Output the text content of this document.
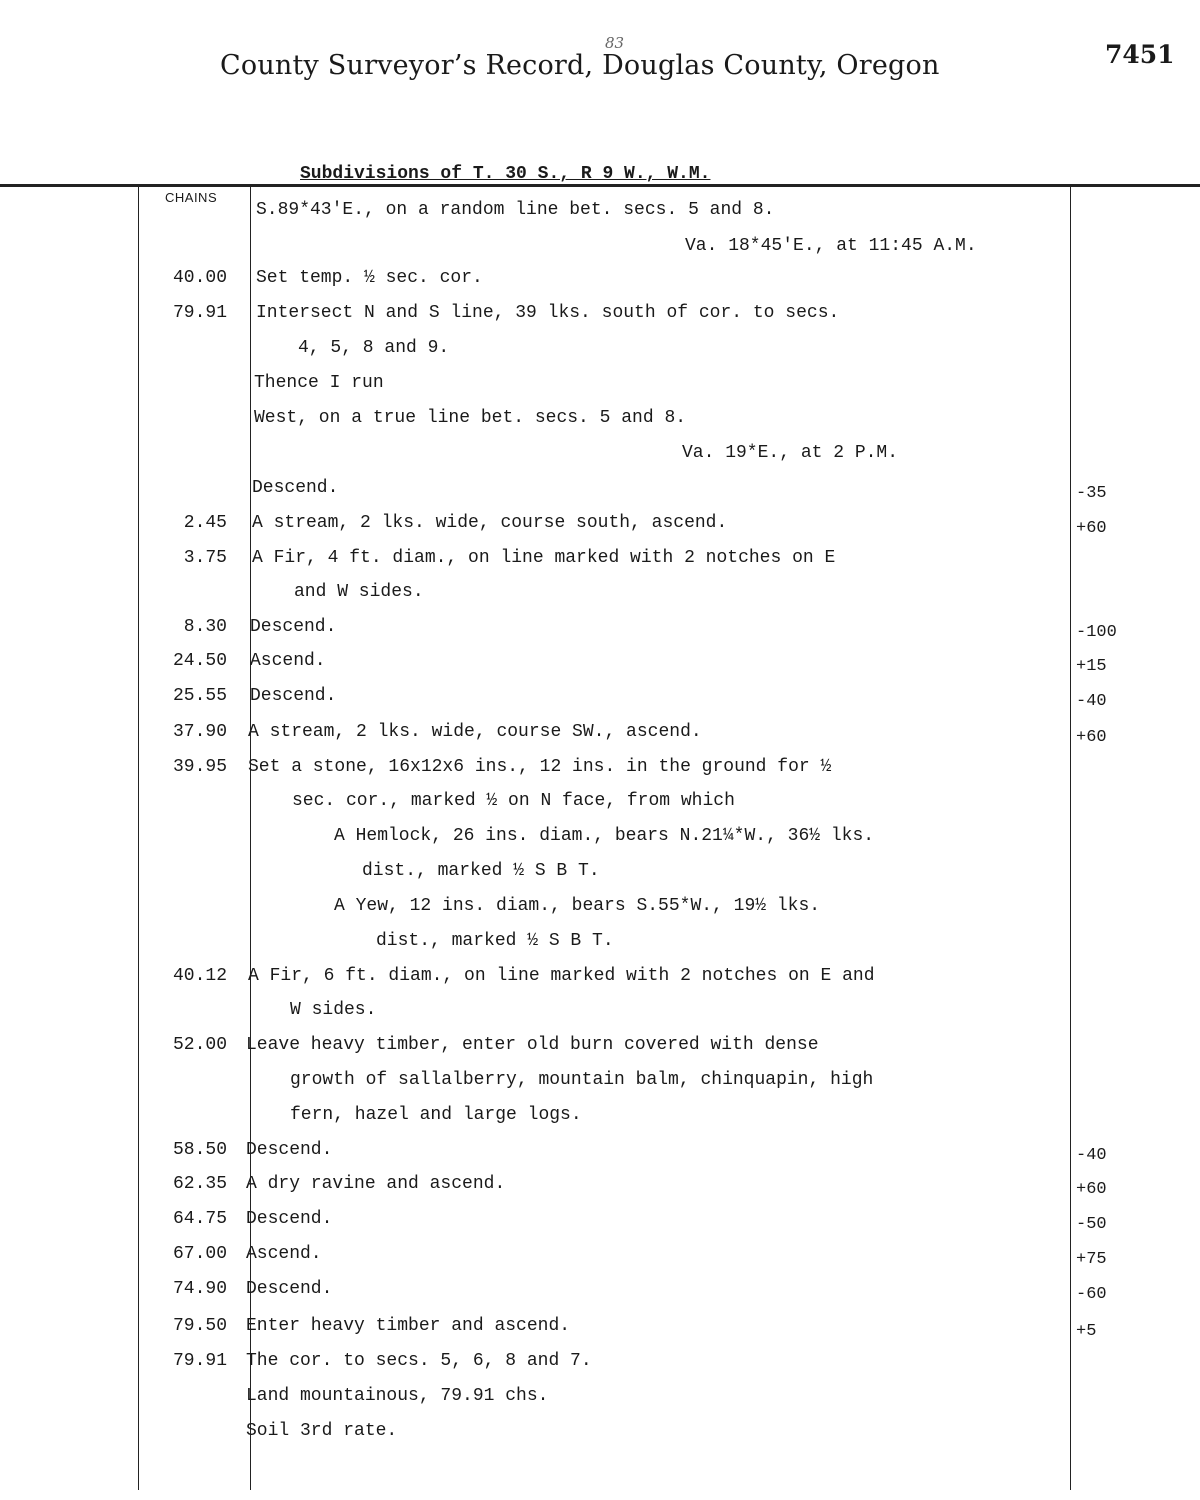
83
County Surveyor’s Record, Douglas County, Oregon	7451
Subdivisions of T. 30 S., R 9 W., W.M.
CHAINS
S.89*43'E., on a random line bet. secs. 5 and 8.
Va. 18*45'E., at 11:45 A.M.
40.00 Set temp. ½ sec. cor.
79.91 Intersect N and S line, 39 lks. south of cor. to secs.
4, 5, 8 and 9.
Thence I run
West, on a true line bet. secs. 5 and 8.
Va. 19*E., at 2 P.M.
Descend.	-35
2.45 A stream, 2 lks. wide, course south, ascend.	+60
3.75 A Fir, 4 ft. diam., on line marked with 2 notches on E
and W sides.
8.30 Descend.	-100
24.50 Ascend.	+15
25.55 Descend.	-40
37.90 A stream, 2 lks. wide, course SW., ascend.	+60
39.95 Set a stone, 16x12x6 ins., 12 ins. in the ground for ½
sec. cor., marked ½ on N face, from which
A Hemlock, 26 ins. diam., bears N.21¼*W., 36½ lks.
dist., marked ½ S B T.
A Yew, 12 ins. diam., bears S.55*W., 19½ lks.
dist., marked ½ S B T.
40.12 A Fir, 6 ft. diam., on line marked with 2 notches on E and
W sides.
52.00 Leave heavy timber, enter old burn covered with dense
growth of sallalberry, mountain balm, chinquapin, high
fern, hazel and large logs.
58.50 Descend.	-40
62.35 A dry ravine and ascend.	+60
64.75 Descend.	-50
67.00 Ascend.	+75
74.90 Descend.	-60
79.50 Enter heavy timber and ascend.	+5
79.91 The cor. to secs. 5, 6, 8 and 7.
Land mountainous, 79.91 chs.
Soil 3rd rate.
